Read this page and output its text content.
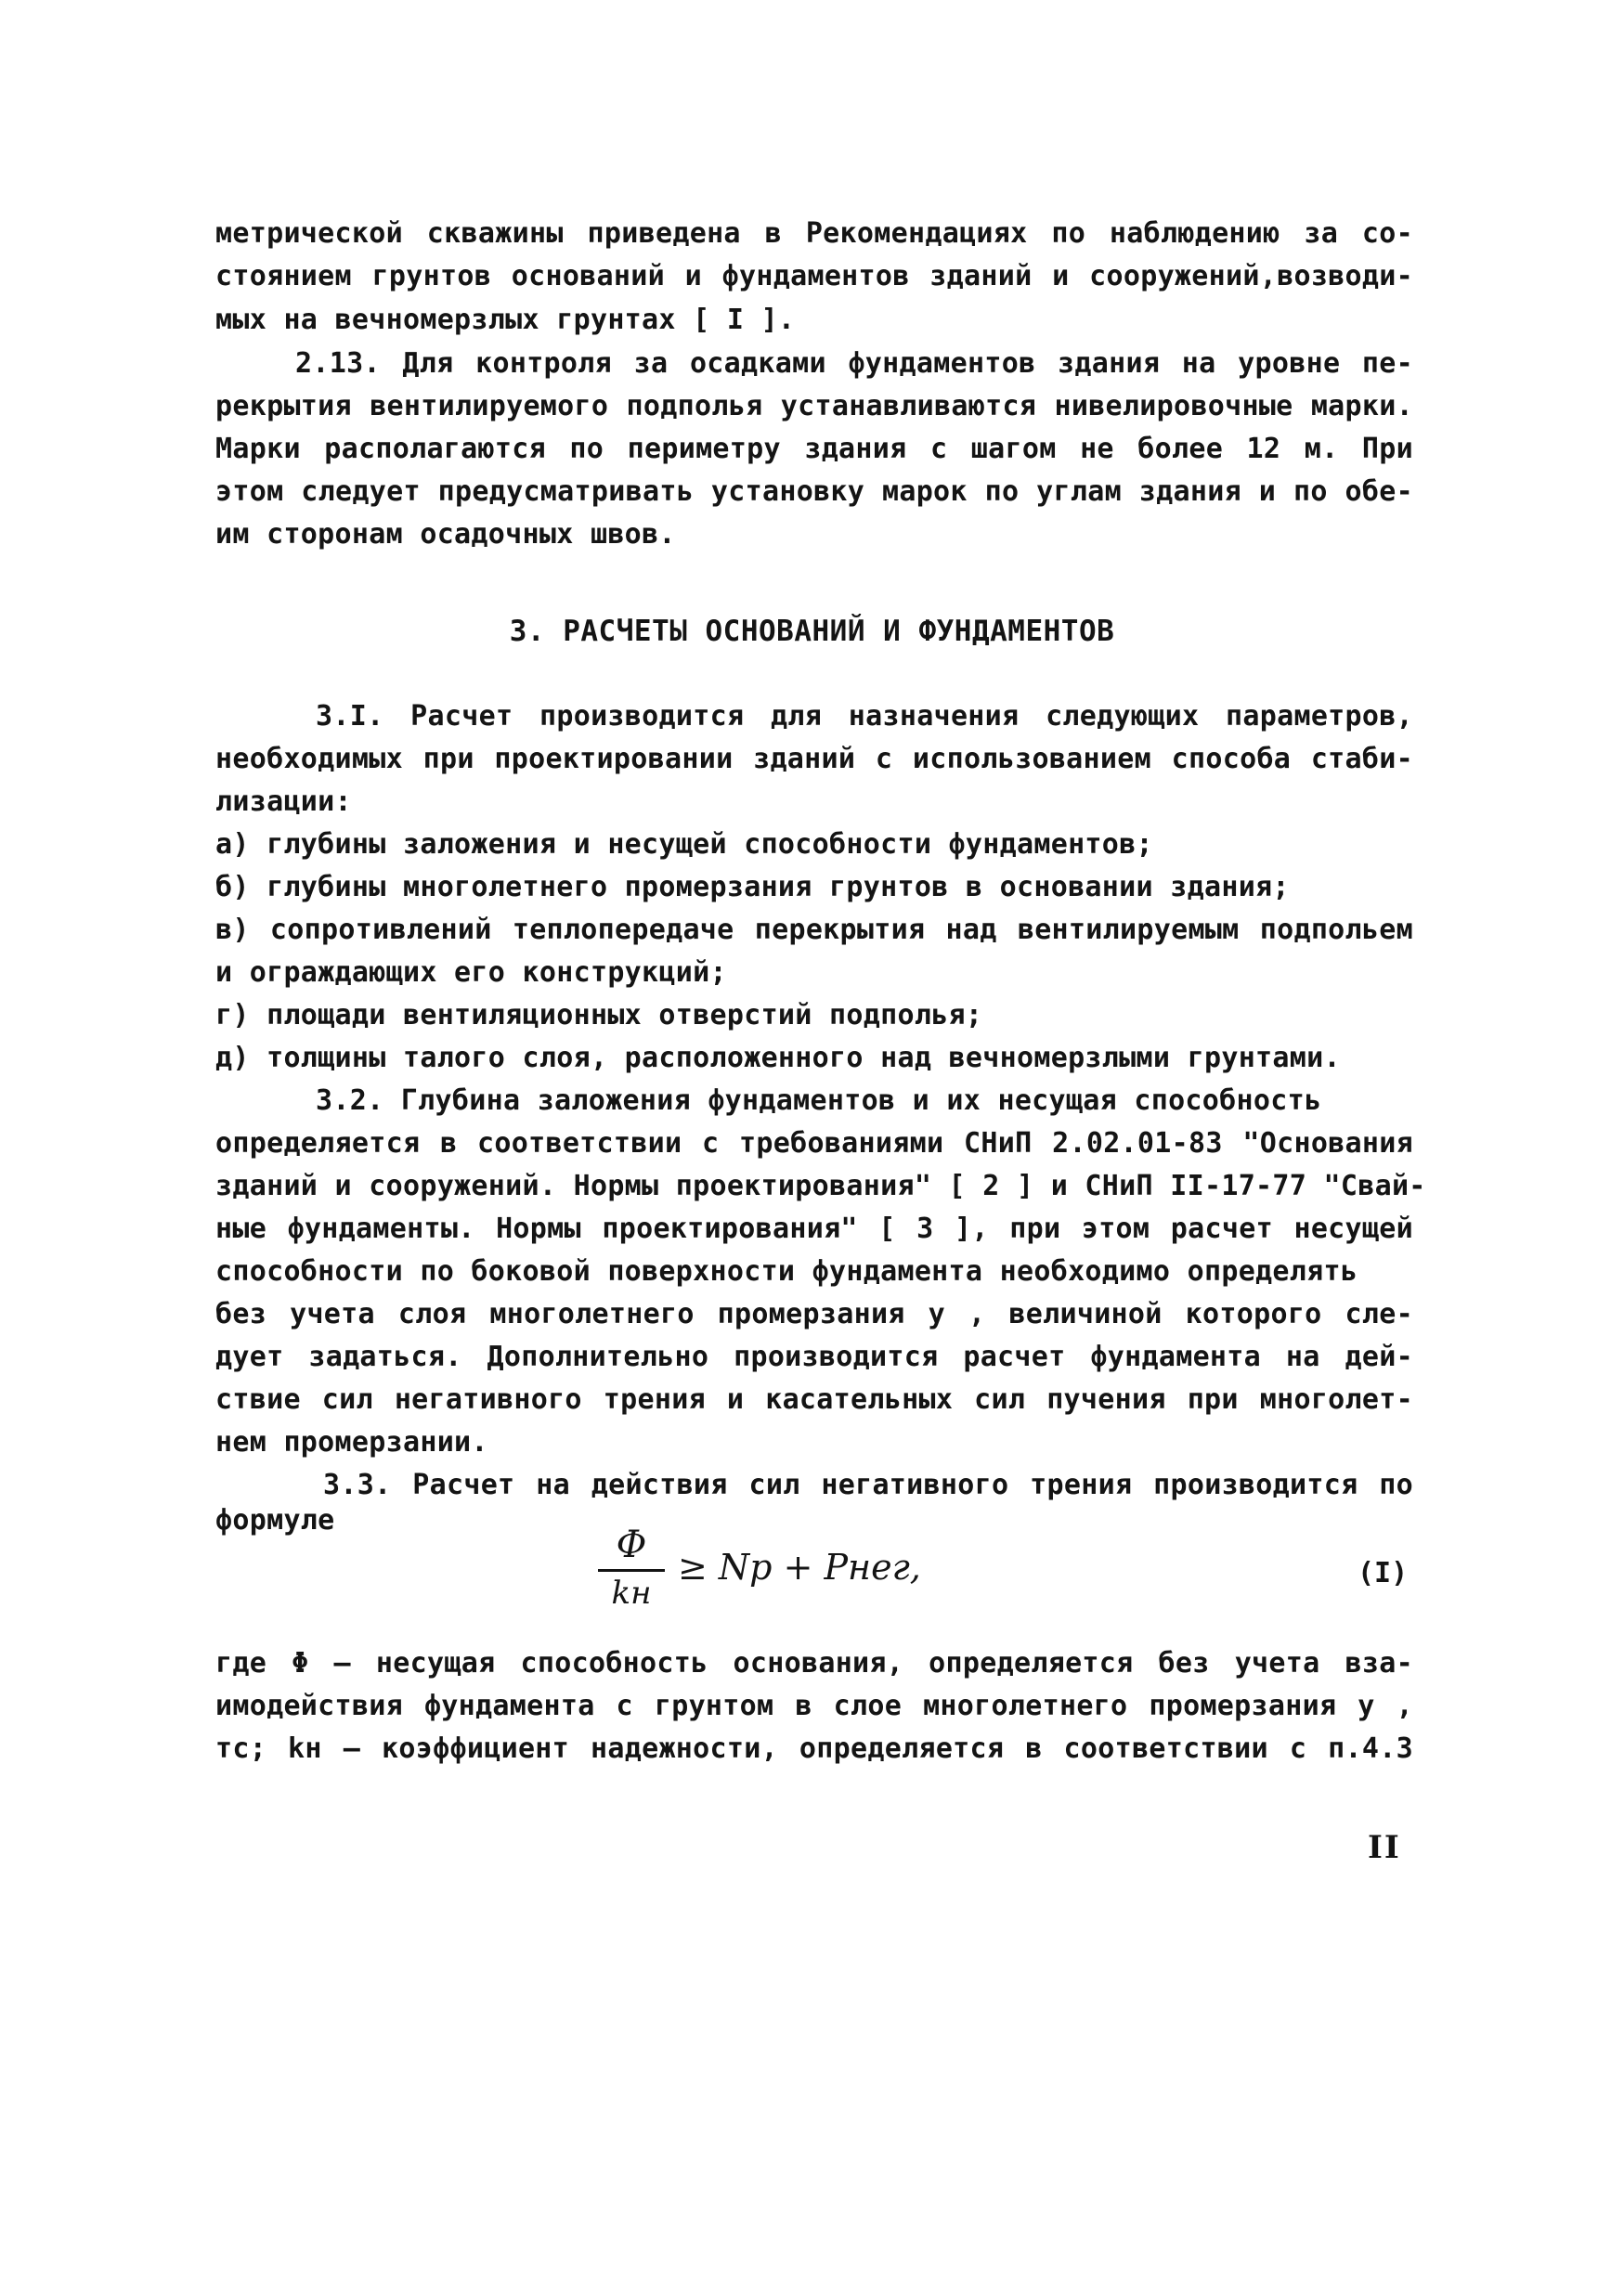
метрической скважины приведена в Рекомендациях по наблюдению за со-
стоянием грунтов оснований и фундаментов зданий и сооружений,возводи-
мых на вечномерзлых грунтах [ I ].
2.13. Для контроля за осадками фундаментов здания на уровне пе-
рекрытия вентилируемого подполья устанавливаются нивелировочные марки.
Марки располагаются по периметру здания с шагом не более 12 м. При
этом следует предусматривать установку марок по углам здания и по обе-
им сторонам осадочных швов.
3. РАСЧЕТЫ ОСНОВАНИЙ И ФУНДАМЕНТОВ
3.I. Расчет производится для назначения следующих параметров,
необходимых при проектировании зданий с использованием способа стаби-
лизации:
а) глубины заложения и несущей способности фундаментов;
б) глубины многолетнего промерзания грунтов в основании здания;
в) сопротивлений теплопередаче перекрытия над вентилируемым подпольем
и ограждающих его конструкций;
г) площади вентиляционных отверстий подполья;
д) толщины талого слоя, расположенного над вечномерзлыми грунтами.
3.2. Глубина заложения фундаментов и их несущая способность
определяется в соответствии с требованиями СНиП 2.02.01-83 "Основания
зданий и сооружений. Нормы проектирования" [ 2 ] и СНиП II-17-77 "Свай-
ные фундаменты. Нормы проектирования" [ 3 ], при этом расчет несущей
способности по боковой поверхности фундамента необходимо определять
без учета слоя многолетнего промерзания y , величиной которого сле-
дует задаться. Дополнительно производится расчет фундамента на дей-
ствие сил негативного трения и касательных сил пучения при многолет-
нем промерзании.
3.3. Расчет на действия сил негативного трения производится по
формуле
Φ
kн
≥ Np + Pнег,	(I)
где Φ – несущая способность основания, определяется без учета вза-
имодействия фундамента с грунтом в слое многолетнего промерзания y ,
тс; kн – коэффициент надежности, определяется в соответствии с п.4.3
II
